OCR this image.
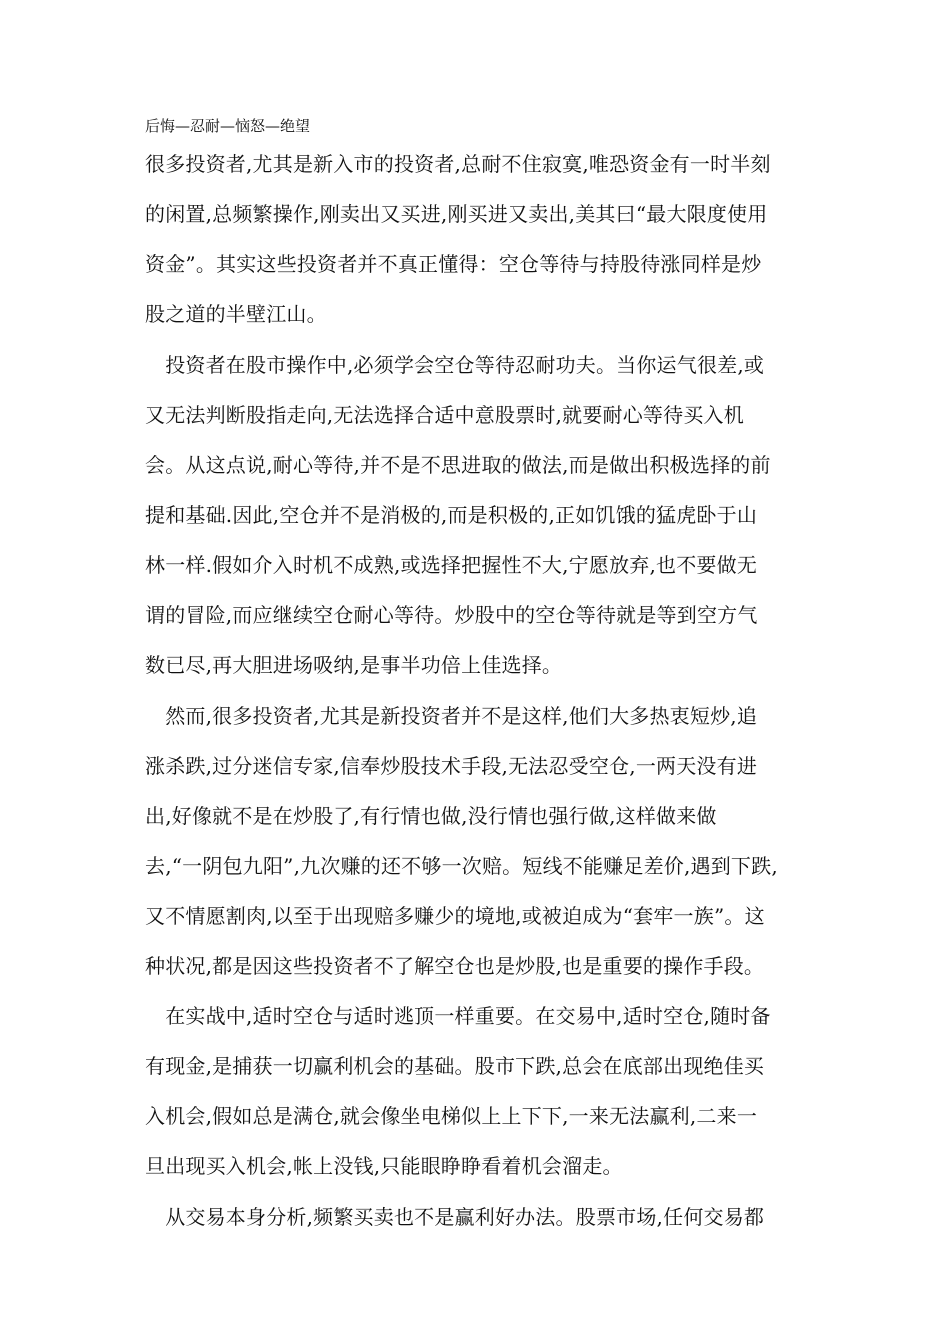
后悔—忍耐—恼怒—绝望
很多投资者,尤其是新入市的投资者,总耐不住寂寞,唯恐资金有一时半刻
的闲置,总频繁操作,刚卖出又买进,刚买进又卖出,美其曰“最大限度使用
资金”。其实这些投资者并不真正懂得：空仓等待与持股待涨同样是炒
股之道的半壁江山。
　投资者在股市操作中,必须学会空仓等待忍耐功夫。当你运气很差,或
又无法判断股指走向,无法选择合适中意股票时,就要耐心等待买入机
会。从这点说,耐心等待,并不是不思进取的做法,而是做出积极选择的前
提和基础.因此,空仓并不是消极的,而是积极的,正如饥饿的猛虎卧于山
林一样.假如介入时机不成熟,或选择把握性不大,宁愿放弃,也不要做无
谓的冒险,而应继续空仓耐心等待。炒股中的空仓等待就是等到空方气
数已尽,再大胆进场吸纳,是事半功倍上佳选择。
　然而,很多投资者,尤其是新投资者并不是这样,他们大多热衷短炒,追
涨杀跌,过分迷信专家,信奉炒股技术手段,无法忍受空仓,一两天没有进
出,好像就不是在炒股了,有行情也做,没行情也强行做,这样做来做
去,“一阴包九阳”,九次赚的还不够一次赔。短线不能赚足差价,遇到下跌,
又不情愿割肉,以至于出现赔多赚少的境地,或被迫成为“套牢一族”。这
种状况,都是因这些投资者不了解空仓也是炒股,也是重要的操作手段。
　在实战中,适时空仓与适时逃顶一样重要。在交易中,适时空仓,随时备
有现金,是捕获一切赢利机会的基础。股市下跌,总会在底部出现绝佳买
入机会,假如总是满仓,就会像坐电梯似上上下下,一来无法赢利,二来一
旦出现买入机会,帐上没钱,只能眼睁睁看着机会溜走。
　从交易本身分析,频繁买卖也不是赢利好办法。股票市场,任何交易都
